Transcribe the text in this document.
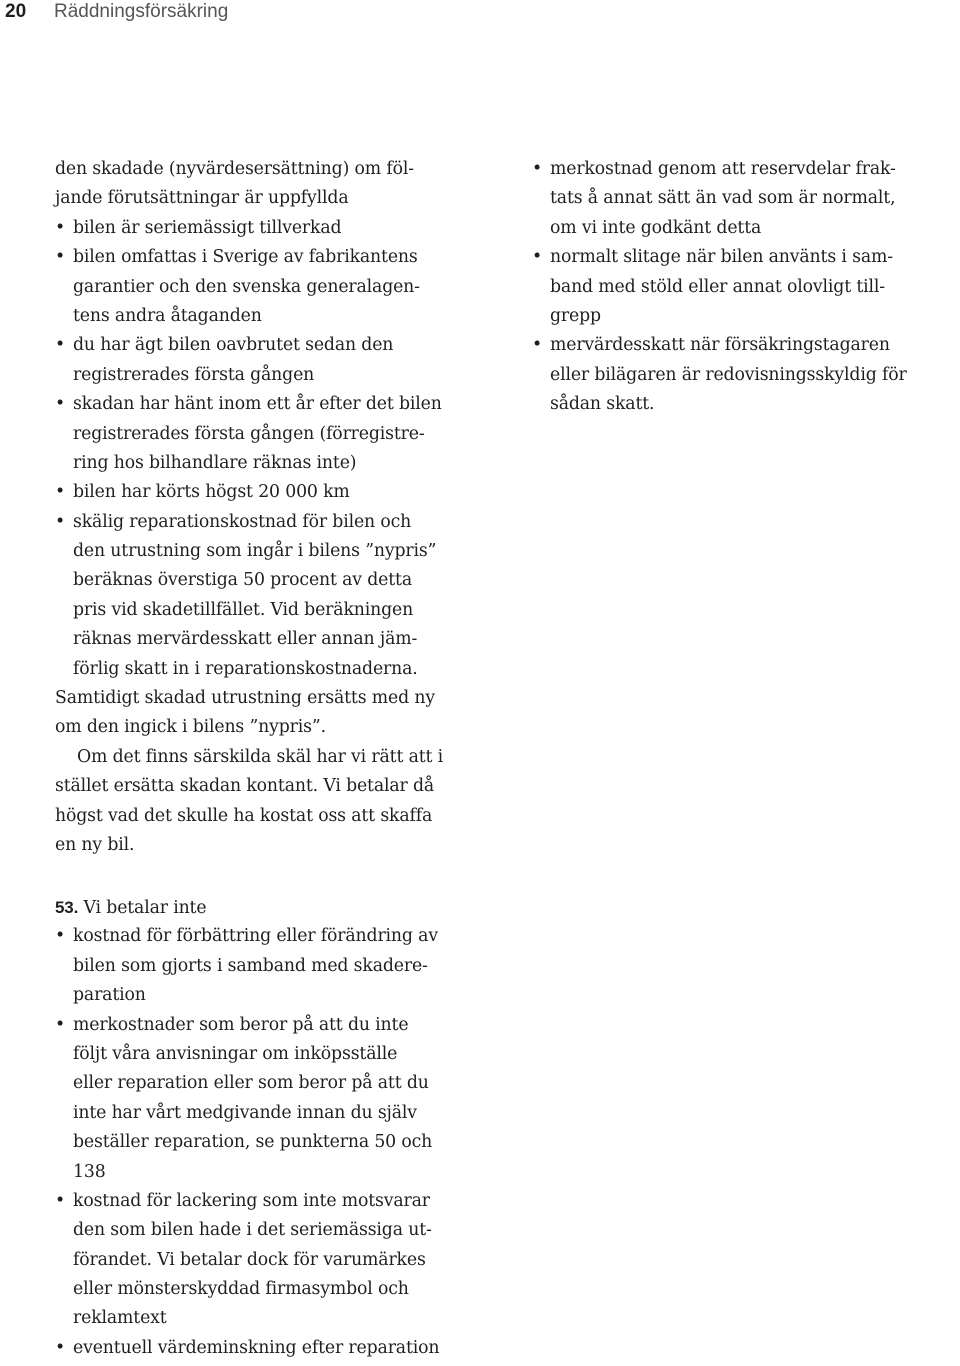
20 Räddningsförsäkring
den skadade (nyvärdesersättning) om föl-
jande förutsättningar är uppfyllda
• bilen är seriemässigt tillverkad
• bilen omfattas i Sverige av fabrikantens
garantier och den svenska generalagen-
tens andra åtaganden
• du har ägt bilen oavbrutet sedan den
registrerades första gången
• skadan har hänt inom ett år efter det bilen
registrerades första gången (förregistre-
ring hos bilhandlare räknas inte)
• bilen har körts högst 20 000 km
• skälig reparationskostnad för bilen och
den utrustning som ingår i bilens ”nypris”
beräknas överstiga 50 procent av detta
pris vid skadetillfället. Vid beräkningen
räknas mervärdesskatt eller annan jäm-
förlig skatt in i reparationskostnaderna.
Samtidigt skadad utrustning ersätts med ny
om den ingick i bilens ”nypris”.
Om det finns särskilda skäl har vi rätt att i
stället ersätta skadan kontant. Vi betalar då
högst vad det skulle ha kostat oss att skaffa
en ny bil.
53. Vi betalar inte
• kostnad för förbättring eller förändring av
bilen som gjorts i samband med skadere-
paration
• merkostnader som beror på att du inte
följt våra anvisningar om inköpsställe
eller reparation eller som beror på att du
inte har vårt medgivande innan du själv
beställer reparation, se punkterna 50 och
138
• kostnad för lackering som inte motsvarar
den som bilen hade i det seriemässiga ut-
förandet. Vi betalar dock för varumärkes
eller mönsterskyddad firmasymbol och
reklamtext
• eventuell värdeminskning efter reparation
• merkostnad genom att reservdelar frak-
tats å annat sätt än vad som är normalt,
om vi inte godkänt detta
• normalt slitage när bilen använts i sam-
band med stöld eller annat olovligt till-
grepp
• mervärdesskatt när försäkringstagaren
eller bilägaren är redovisningsskyldig för
sådan skatt.
